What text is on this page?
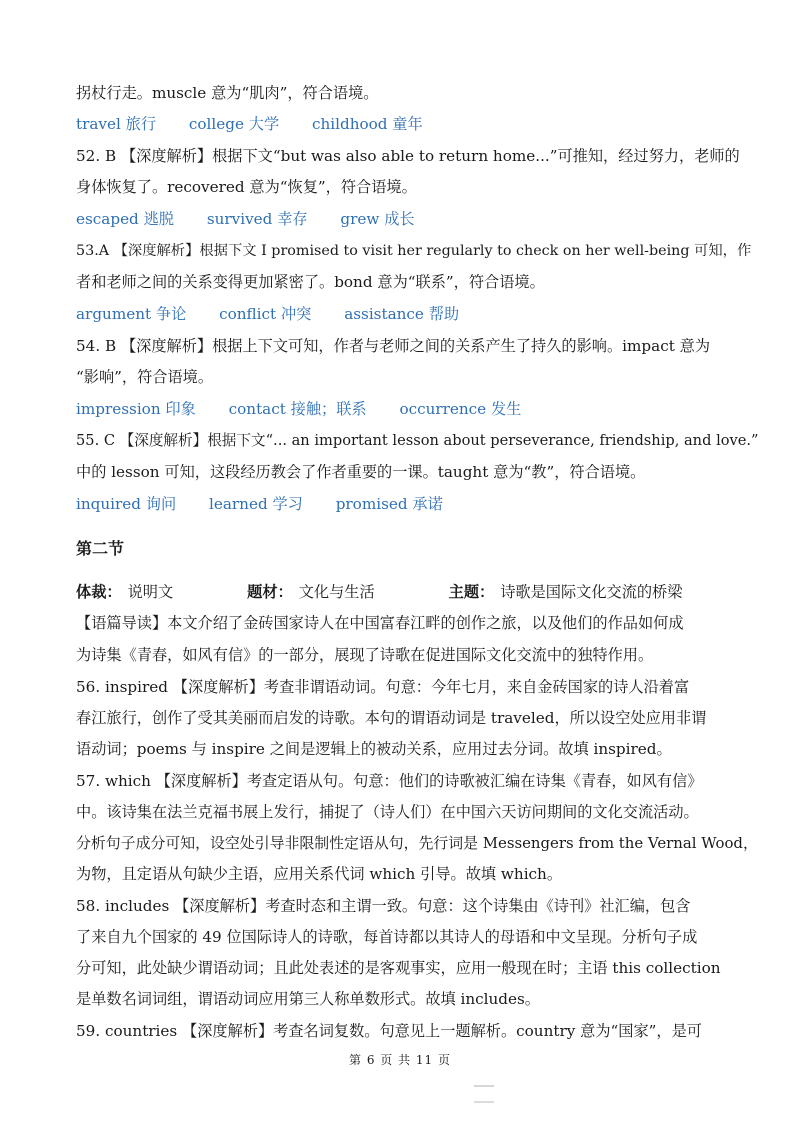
拐杖行走。muscle 意为“肌肉”，符合语境。
travel 旅行 college 大学 childhood 童年
52. B 【深度解析】根据下文“but was also able to return home...”可推知，经过努力，老师的
身体恢复了。recovered 意为“恢复”，符合语境。
escaped 逃脱 survived 幸存 grew 成长
53.A 【深度解析】根据下文 I promised to visit her regularly to check on her well-being 可知，作
者和老师之间的关系变得更加紧密了。bond 意为“联系”，符合语境。
argument 争论 conflict 冲突 assistance 帮助
54. B 【深度解析】根据上下文可知，作者与老师之间的关系产生了持久的影响。impact 意为
“影响”，符合语境。
impression 印象 contact 接触；联系 occurrence 发生
55. C 【深度解析】根据下文“... an important lesson about perseverance, friendship, and love.”
中的 lesson 可知，这段经历教会了作者重要的一课。taught 意为“教”，符合语境。
inquired 询问 learned 学习 promised 承诺
第二节
体裁： 说明文	题材： 文化与生活	主题： 诗歌是国际文化交流的桥梁
【语篇导读】本文介绍了金砖国家诗人在中国富春江畔的创作之旅，以及他们的作品如何成
为诗集《青春，如风有信》的一部分，展现了诗歌在促进国际文化交流中的独特作用。
56. inspired 【深度解析】考查非谓语动词。句意：今年七月，来自金砖国家的诗人沿着富
春江旅行，创作了受其美丽而启发的诗歌。本句的谓语动词是 traveled，所以设空处应用非谓
语动词；poems 与 inspire 之间是逻辑上的被动关系，应用过去分词。故填 inspired。
57. which 【深度解析】考查定语从句。句意：他们的诗歌被汇编在诗集《青春，如风有信》
中。该诗集在法兰克福书展上发行，捕捉了（诗人们）在中国六天访问期间的文化交流活动。
分析句子成分可知，设空处引导非限制性定语从句，先行词是 Messengers from the Vernal Wood，
为物，且定语从句缺少主语，应用关系代词 which 引导。故填 which。
58. includes 【深度解析】考查时态和主谓一致。句意：这个诗集由《诗刊》社汇编，包含
了来自九个国家的 49 位国际诗人的诗歌，每首诗都以其诗人的母语和中文呈现。分析句子成
分可知，此处缺少谓语动词；且此处表述的是客观事实，应用一般现在时；主语 this collection
是单数名词词组，谓语动词应用第三人称单数形式。故填 includes。
59. countries 【深度解析】考查名词复数。句意见上一题解析。country 意为“国家”，是可
第 6 页 共 11 页
